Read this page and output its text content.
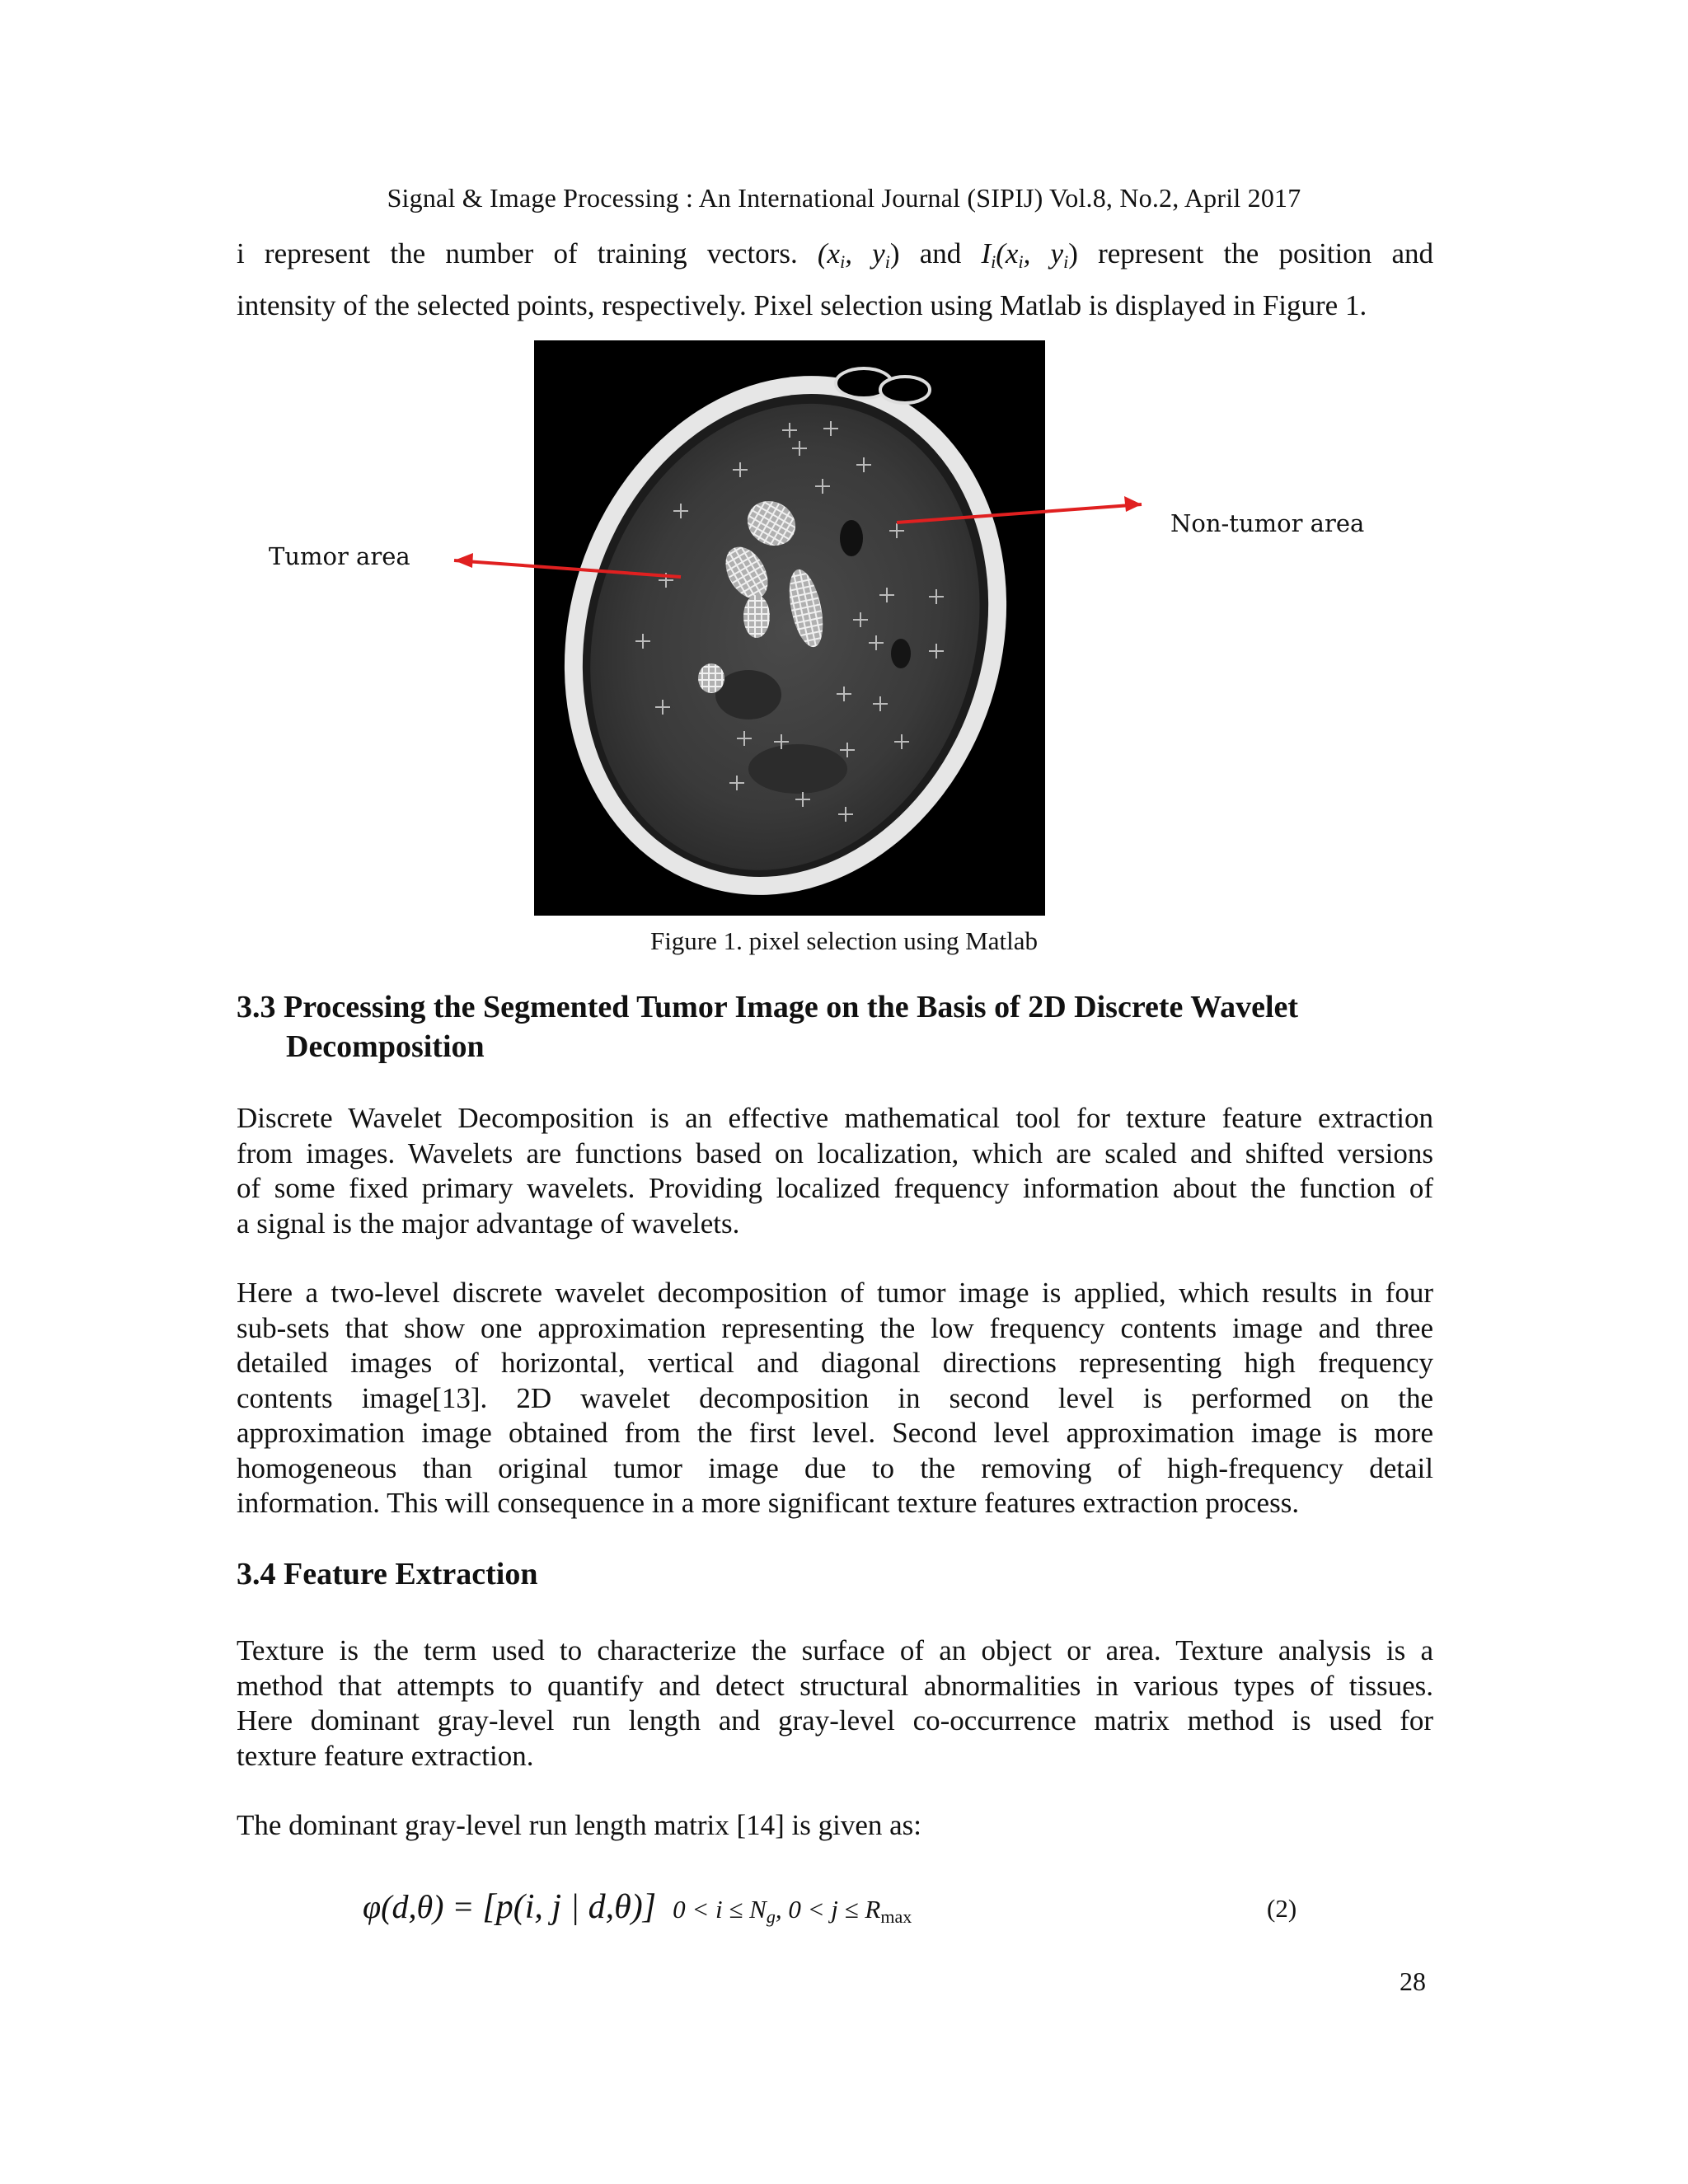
Signal & Image Processing : An International Journal (SIPIJ) Vol.8, No.2, April 2017
i represent the number of training vectors. ($x_i$, $y_i$) and $I_i(x_i$, $y_i$) represent the position and
intensity of the selected points, respectively. Pixel selection using Matlab is displayed in Figure 1.
Tumor area
Non-tumor area
Figure 1. pixel selection using Matlab
3.3 Processing the Segmented Tumor Image on the Basis of 2D Discrete Wavelet
Decomposition
Discrete Wavelet Decomposition is an effective mathematical tool for texture feature extraction
from images. Wavelets are functions based on localization, which are scaled and shifted versions
of some fixed primary wavelets. Providing localized frequency information about the function of
a signal is the major advantage of wavelets.
Here a two-level discrete wavelet decomposition of tumor image is applied, which results in four
sub-sets that show one approximation representing the low frequency contents image and three
detailed images of horizontal, vertical and diagonal directions representing high frequency
contents image[13]. 2D wavelet decomposition in second level is performed on the
approximation image obtained from the first level. Second level approximation image is more
homogeneous than original tumor image due to the removing of high-frequency detail
information. This will consequence in a more significant texture features extraction process.
3.4 Feature Extraction
Texture is the term used to characterize the surface of an object or area. Texture analysis is a
method that attempts to quantify and detect structural abnormalities in various types of tissues.
Here dominant gray-level run length and gray-level co-occurrence matrix method is used for
texture feature extraction.
The dominant gray-level run length matrix [14] is given as:
φ(d,θ) = [p(i, j | d,θ)] $0 < i \le N_g$, $0 < j \le R_{max}$	(2)
28
